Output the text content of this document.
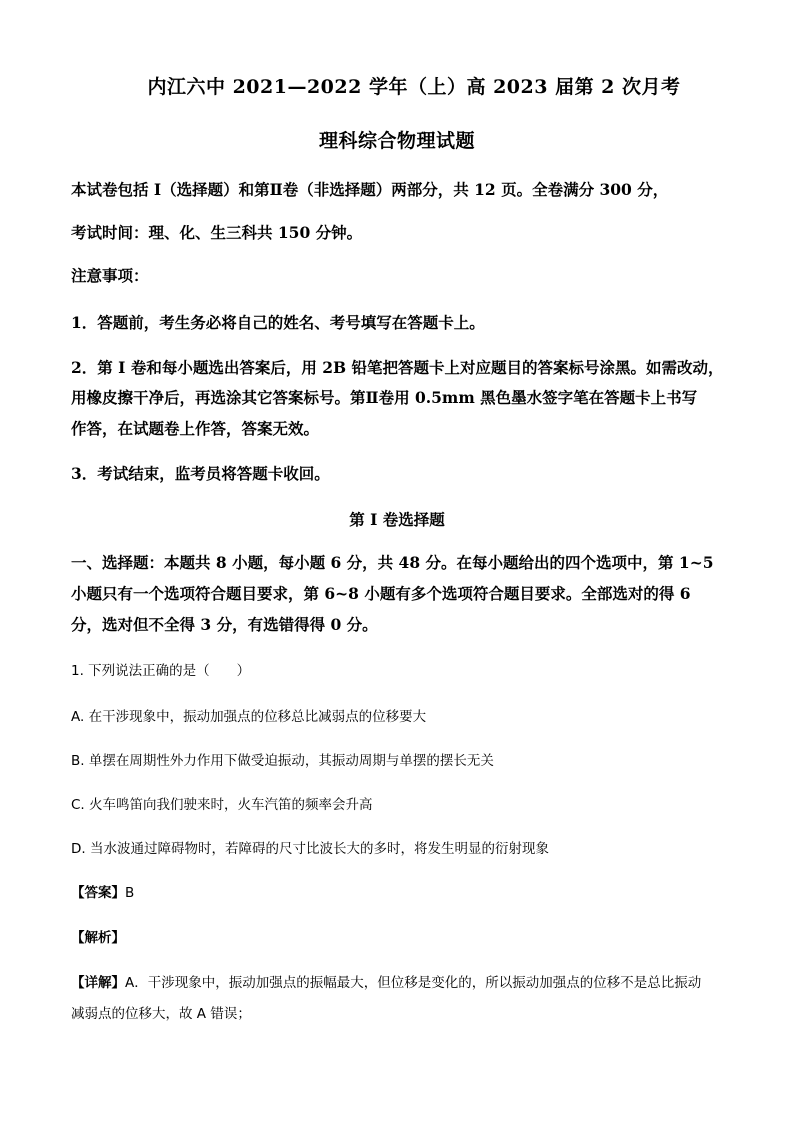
内江六中 2021—2022 学年（上）高 2023 届第 2 次月考
理科综合物理试题
本试卷包括 I（选择题）和第Ⅱ卷（非选择题）两部分，共 12 页。全卷满分 300 分，
考试时间：理、化、生三科共 150 分钟。
注意事项：
1．答题前，考生务必将自己的姓名、考号填写在答题卡上。
2．第 I 卷和每小题选出答案后，用 2B 铅笔把答题卡上对应题目的答案标号涂黑。如需改动，
用橡皮擦干净后，再选涂其它答案标号。第Ⅱ卷用 0.5mm 黑色墨水签字笔在答题卡上书写
作答，在试题卷上作答，答案无效。
3．考试结束，监考员将答题卡收回。
第 I 卷选择题
一、选择题：本题共 8 小题，每小题 6 分，共 48 分。在每小题给出的四个选项中，第 1~5
小题只有一个选项符合题目要求，第 6~8 小题有多个选项符合题目要求。全部选对的得 6
分，选对但不全得 3 分，有选错得得 0 分。
1. 下列说法正确的是（　　）
A. 在干涉现象中，振动加强点的位移总比减弱点的位移要大
B. 单摆在周期性外力作用下做受迫振动，其振动周期与单摆的摆长无关
C. 火车鸣笛向我们驶来时，火车汽笛的频率会升高
D. 当水波通过障碍物时，若障碍的尺寸比波长大的多时，将发生明显的衍射现象
【答案】B
【解析】
【详解】A．干涉现象中，振动加强点的振幅最大，但位移是变化的，所以振动加强点的位移不是总比振动
减弱点的位移大，故 A 错误；
